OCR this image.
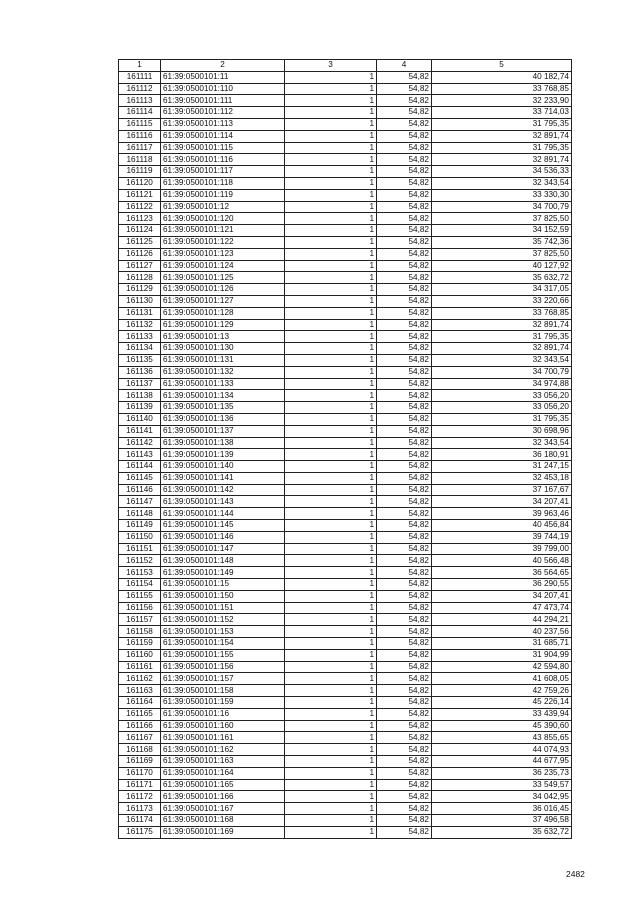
1	2	3	4	5
161111	61:39:0500101:11	1	54,82	40 182,74
161112	61:39:0500101:110	1	54,82	33 768,85
161113	61:39:0500101:111	1	54,82	32 233,90
161114	61:39:0500101:112	1	54,82	33 714,03
161115	61:39:0500101:113	1	54,82	31 795,35
161116	61:39:0500101:114	1	54,82	32 891,74
161117	61:39:0500101:115	1	54,82	31 795,35
161118	61:39:0500101:116	1	54,82	32 891,74
161119	61:39:0500101:117	1	54,82	34 536,33
161120	61:39:0500101:118	1	54,82	32 343,54
161121	61:39:0500101:119	1	54,82	33 330,30
161122	61:39:0500101:12	1	54,82	34 700,79
161123	61:39:0500101:120	1	54,82	37 825,50
161124	61:39:0500101:121	1	54,82	34 152,59
161125	61:39:0500101:122	1	54,82	35 742,36
161126	61:39:0500101:123	1	54,82	37 825,50
161127	61:39:0500101:124	1	54,82	40 127,92
161128	61:39:0500101:125	1	54,82	35 632,72
161129	61:39:0500101:126	1	54,82	34 317,05
161130	61:39:0500101:127	1	54,82	33 220,66
161131	61:39:0500101:128	1	54,82	33 768,85
161132	61:39:0500101:129	1	54,82	32 891,74
161133	61:39:0500101:13	1	54,82	31 795,35
161134	61:39:0500101:130	1	54,82	32 891,74
161135	61:39:0500101:131	1	54,82	32 343,54
161136	61:39:0500101:132	1	54,82	34 700,79
161137	61:39:0500101:133	1	54,82	34 974,88
161138	61:39:0500101:134	1	54,82	33 056,20
161139	61:39:0500101:135	1	54,82	33 056,20
161140	61:39:0500101:136	1	54,82	31 795,35
161141	61:39:0500101:137	1	54,82	30 698,96
161142	61:39:0500101:138	1	54,82	32 343,54
161143	61:39:0500101:139	1	54,82	36 180,91
161144	61:39:0500101:140	1	54,82	31 247,15
161145	61:39:0500101:141	1	54,82	32 453,18
161146	61:39:0500101:142	1	54,82	37 167,67
161147	61:39:0500101:143	1	54,82	34 207,41
161148	61:39:0500101:144	1	54,82	39 963,46
161149	61:39:0500101:145	1	54,82	40 456,84
161150	61:39:0500101:146	1	54,82	39 744,19
161151	61:39:0500101:147	1	54,82	39 799,00
161152	61:39:0500101:148	1	54,82	40 566,48
161153	61:39:0500101:149	1	54,82	36 564,65
161154	61:39:0500101:15	1	54,82	36 290,55
161155	61:39:0500101:150	1	54,82	34 207,41
161156	61:39:0500101:151	1	54,82	47 473,74
161157	61:39:0500101:152	1	54,82	44 294,21
161158	61:39:0500101:153	1	54,82	40 237,56
161159	61:39:0500101:154	1	54,82	31 685,71
161160	61:39:0500101:155	1	54,82	31 904,99
161161	61:39:0500101:156	1	54,82	42 594,80
161162	61:39:0500101:157	1	54,82	41 608,05
161163	61:39:0500101:158	1	54,82	42 759,26
161164	61:39:0500101:159	1	54,82	45 226,14
161165	61:39:0500101:16	1	54,82	33 439,94
161166	61:39:0500101:160	1	54,82	45 390,60
161167	61:39:0500101:161	1	54,82	43 855,65
161168	61:39:0500101:162	1	54,82	44 074,93
161169	61:39:0500101:163	1	54,82	44 677,95
161170	61:39:0500101:164	1	54,82	36 235,73
161171	61:39:0500101:165	1	54,82	33 549,57
161172	61:39:0500101:166	1	54,82	34 042,95
161173	61:39:0500101:167	1	54,82	36 016,45
161174	61:39:0500101:168	1	54,82	37 496,58
161175	61:39:0500101:169	1	54,82	35 632,72
2482
